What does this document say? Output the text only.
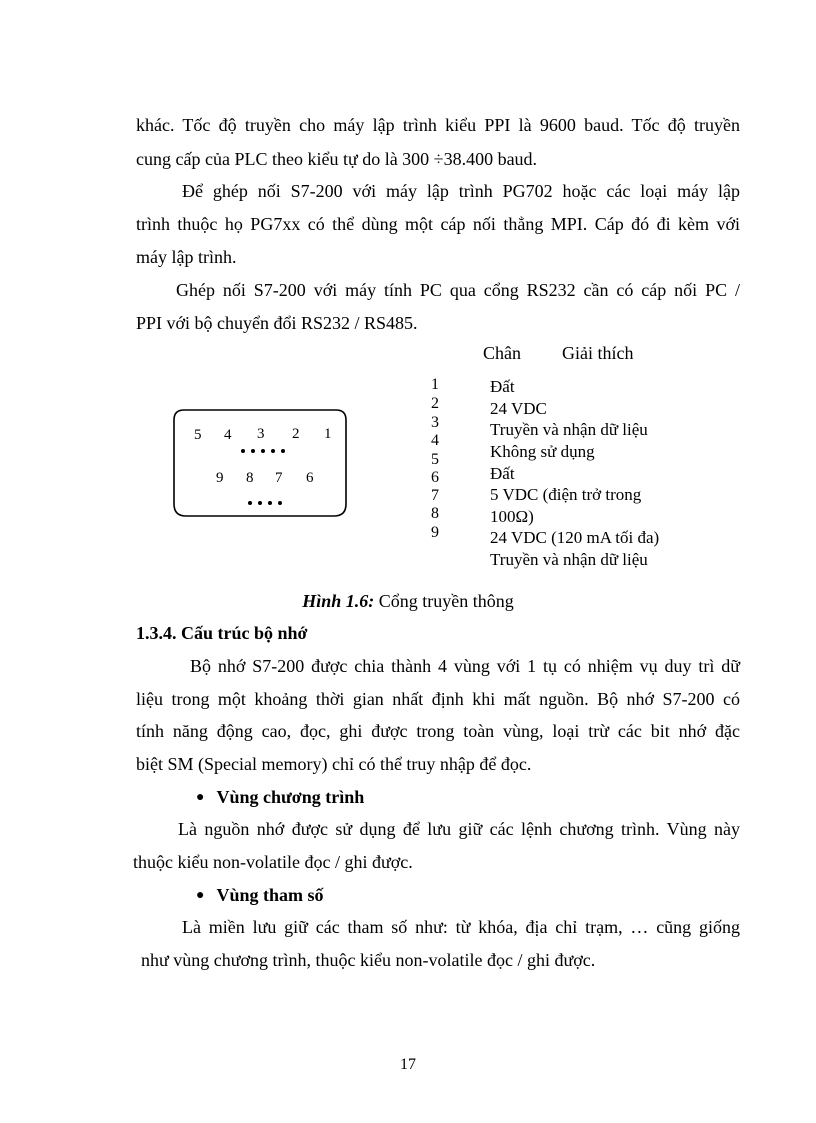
khác. Tốc độ truyền cho máy lập trình kiểu PPI là 9600 baud. Tốc độ truyền

cung cấp của PLC theo kiểu tự do là 300 ÷38.400 baud.

Để ghép nối S7-200 với máy lập trình PG702 hoặc các loại máy lập

trình thuộc họ PG7xx có thể dùng một cáp nối thẳng MPI. Cáp đó đi kèm với

máy lập trình.

Ghép nối S7-200 với máy tính PC qua cổng RS232 cần có cáp nối PC /

PPI với bộ chuyển đổi RS232 / RS485.

Chân Giải thích

5 4 3 2 1
9 8 7 6
1
2
3
4
5
6
7
8
9
Đất
24 VDC
Truyền và nhận dữ liệu
Không sử dụng
Đất
5 VDC (điện trở trong
100Ω)
24 VDC (120 mA tối đa)
Truyền và nhận dữ liệu
Hình 1.6: Cổng truyền thông

1.3.4. Cấu trúc bộ nhớ

Bộ nhớ S7-200 được chia thành 4 vùng với 1 tụ có nhiệm vụ duy trì dữ

liệu trong một khoảng thời gian nhất định khi mất nguồn. Bộ nhớ S7-200 có

tính năng động cao, đọc, ghi được trong toàn vùng, loại trừ các bit nhớ đặc

biệt SM (Special memory) chỉ có thể truy nhập để đọc.

● Vùng chương trình

Là nguồn nhớ được sử dụng để lưu giữ các lệnh chương trình. Vùng này

thuộc kiểu non-volatile đọc / ghi được.

● Vùng tham số

Là miền lưu giữ các tham số như: từ khóa, địa chỉ trạm, … cũng giống

như vùng chương trình, thuộc kiểu non-volatile đọc / ghi được.

17
